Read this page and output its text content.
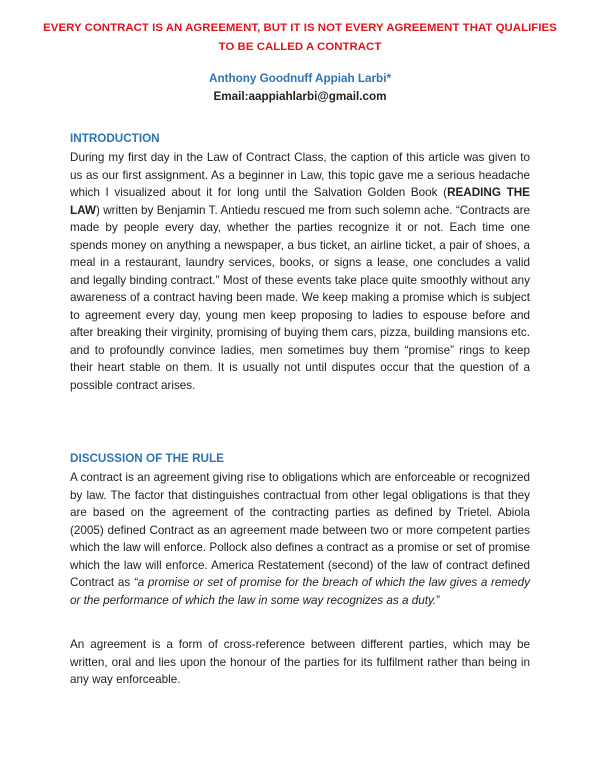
EVERY CONTRACT IS AN AGREEMENT, BUT IT IS NOT EVERY AGREEMENT THAT QUALIFIES TO BE CALLED A CONTRACT
Anthony Goodnuff Appiah Larbi*
Email:aappiahlarbi@gmail.com
INTRODUCTION

During my first day in the Law of Contract Class, the caption of this article was given to us as our first assignment. As a beginner in Law, this topic gave me a serious headache which I visualized about it for long until the Salvation Golden Book (READING THE LAW) written by Benjamin T. Antiedu rescued me from such solemn ache. “Contracts are made by people every day, whether the parties recognize it or not. Each time one spends money on anything a newspaper, a bus ticket, an airline ticket, a pair of shoes, a meal in a restaurant, laundry services, books, or signs a lease, one concludes a valid and legally binding contract.” Most of these events take place quite smoothly without any awareness of a contract having been made. We keep making a promise which is subject to agreement every day, young men keep proposing to ladies to espouse before and after breaking their virginity, promising of buying them cars, pizza, building mansions etc. and to profoundly convince ladies, men sometimes buy them “promise” rings to keep their heart stable on them. It is usually not until disputes occur that the question of a possible contract arises.

DISCUSSION OF THE RULE

A contract is an agreement giving rise to obligations which are enforceable or recognized by law. The factor that distinguishes contractual from other legal obligations is that they are based on the agreement of the contracting parties as defined by Trietel. Abiola (2005) defined Contract as an agreement made between two or more competent parties which the law will enforce. Pollock also defines a contract as a promise or set of promise which the law will enforce. America Restatement (second) of the law of contract defined Contract as “a promise or set of promise for the breach of which the law gives a remedy or the performance of which the law in some way recognizes as a duty.”

An agreement is a form of cross-reference between different parties, which may be written, oral and lies upon the honour of the parties for its fulfilment rather than being in any way enforceable.
